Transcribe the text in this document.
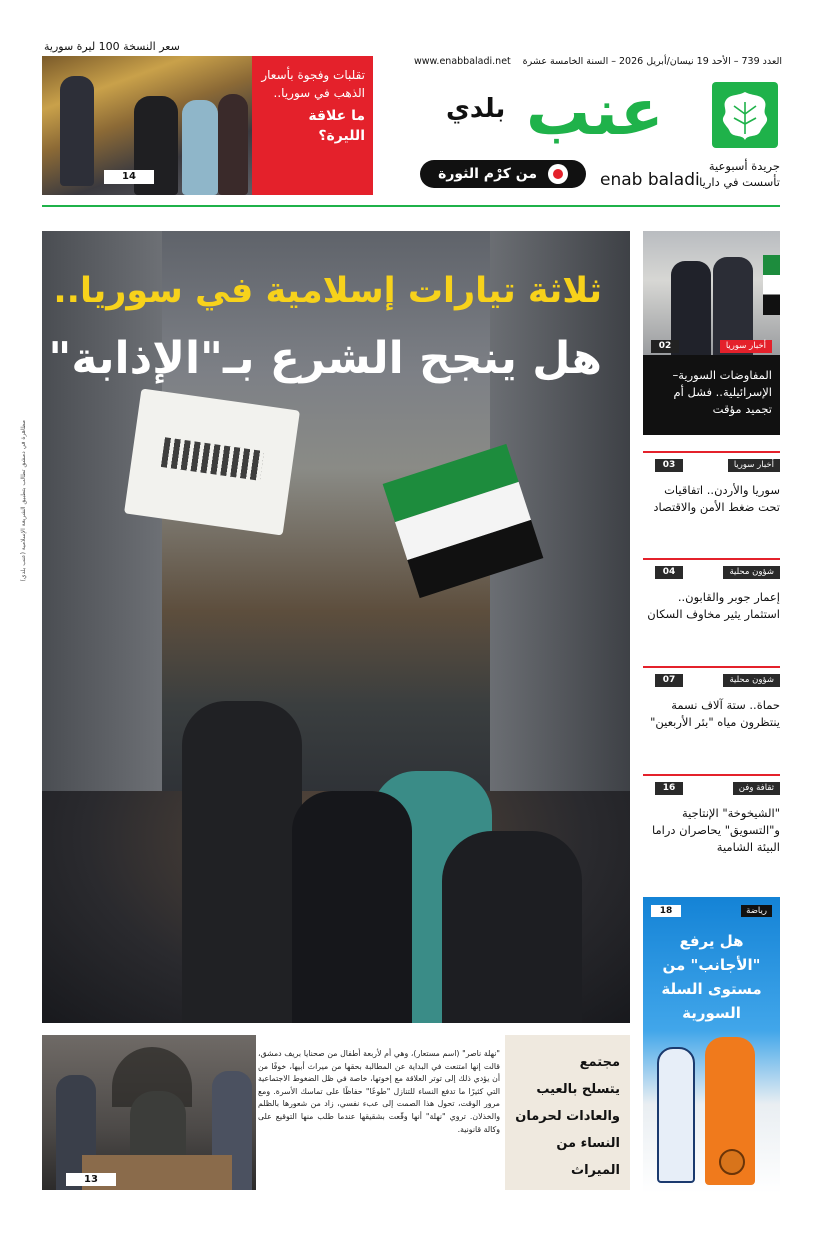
سعر النسخة 100 ليرة سورية
14
تقلبات وفجوة بأسعار الذهب في سوريا..
ما علاقة الليرة؟
www.enabbaladi.net العدد 739 – الأحد 19 نيسان/أبريل 2026 – السنة الخامسة عشرة
عنب
بلدي
من كرْم الثورة	enab baladi
جريدة أسبوعية
تأسست في داريا
ثلاثة تيارات إسلامية في سوريا..
هل ينجح الشرع بـ"الإذابة"
مظاهرة في دمشق تطالب بتطبيق الشريعة الإسلامية (عنب بلدي)
أخبار سوريا
02
المفاوضات السورية–الإسرائيلية.. فشل أم تجميد مؤقت
أخبار سوريا
03
سوريا والأردن.. اتفاقيات تحت ضغط الأمن والاقتصاد
شؤون محلية
04
إعمار جوبر والقابون.. استثمار يثير مخاوف السكان
شؤون محلية
07
حماة.. ستة آلاف نسمة ينتظرون مياه "بئر الأربعين"
ثقافة وفن
16
"الشيخوخة" الإنتاجية و"التسويق" يحاصران دراما البيئة الشامية
18	رياضة
هل يرفع "الأجانب" من مستوى السلة السورية
13
"نهلة ناصر" (اسم مستعار)، وهي أم لأربعة أطفال من صحنايا بريف دمشق، قالت إنها امتنعت في البداية عن المطالبة بحقها من ميراث أبيها، خوفًا من أن يؤدي ذلك إلى توتر العلاقة مع إخوتها، خاصة في ظل الضغوط الاجتماعية التي كثيرًا ما تدفع النساء للتنازل "طوعًا" حفاظًا على تماسك الأسرة. ومع مرور الوقت، تحول هذا الصمت إلى عبء نفسي، زاد من شعورها بالظلم والخذلان. تروي "نهلة" أنها وقّعت بشقيقها عندما طلب منها التوقيع على وكالة قانونية.
مجتمع
يتسلح بالعيب
والعادات لحرمان
النساء من الميراث
